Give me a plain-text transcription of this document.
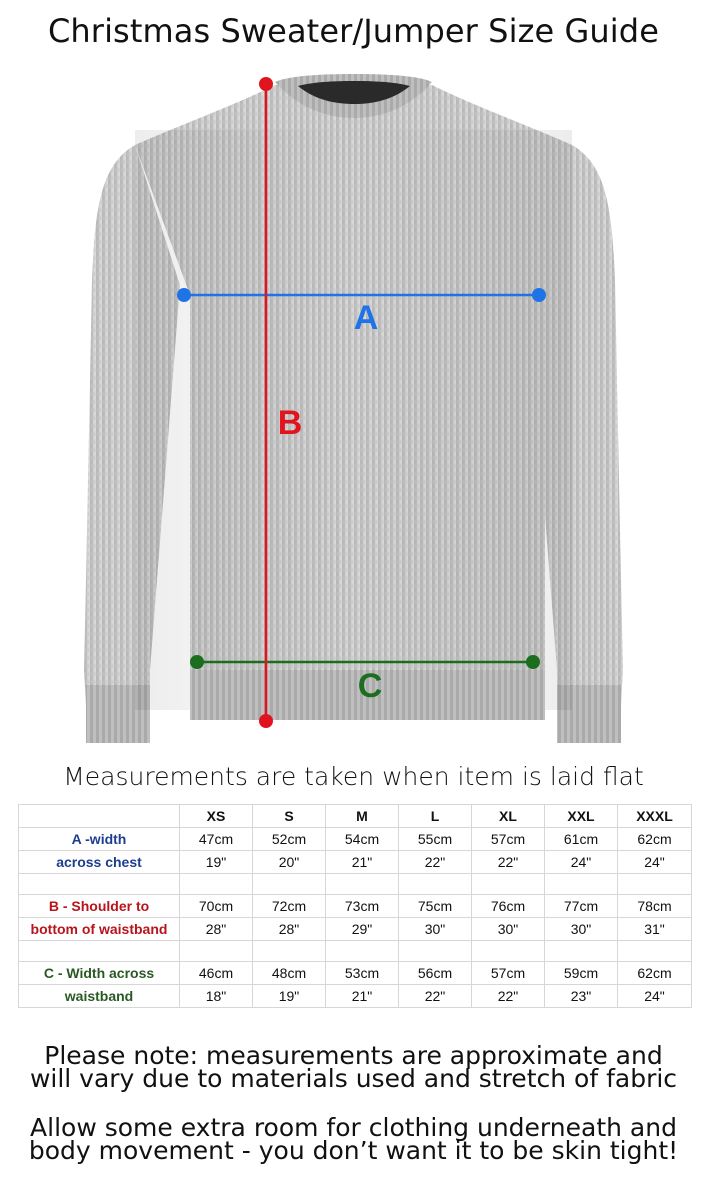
Christmas Sweater/Jumper Size Guide
A
C
B
Measurements are taken when item is laid flat
	XS	S	M	L	XL	XXL	XXXL
A -width	47cm	52cm	54cm	55cm	57cm	61cm	62cm
across chest	19"	20"	21"	22"	22"	24"	24"

B - Shoulder to	70cm	72cm	73cm	75cm	76cm	77cm	78cm
bottom of waistband	28"	28"	29"	30"	30"	30"	31"

C - Width across	46cm	48cm	53cm	56cm	57cm	59cm	62cm
waistband	18"	19"	21"	22"	22"	23"	24"
Please note: measurements are approximate and
will vary due to materials used and stretch of fabric
Allow some extra room for clothing underneath and
body movement - you don’t want it to be skin tight!
